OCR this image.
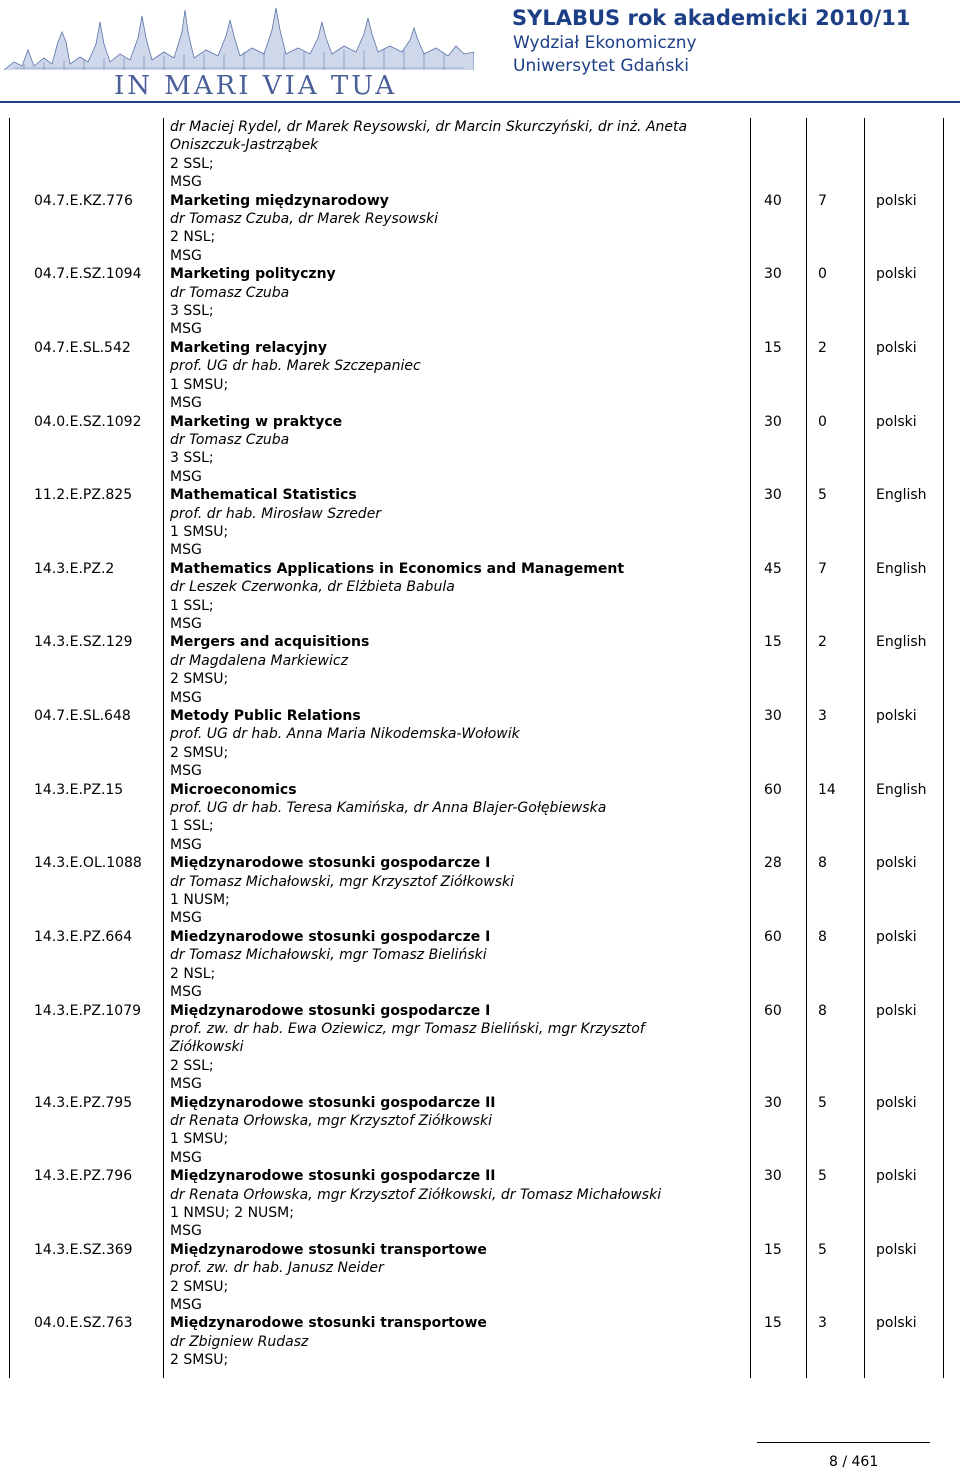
IN MARI VIA TUA
SYLABUS rok akademicki 2010/11
Wydział Ekonomiczny
Uniwersytet Gdański
dr Maciej Rydel, dr Marek Reysowski, dr Marcin Skurczyński, dr inż. Aneta
Oniszczuk-Jastrząbek
2 SSL;
MSG
04.7.E.KZ.776	Marketing międzynarodowy
dr Tomasz Czuba, dr Marek Reysowski
2 NSL;
MSG
40	7	polski
04.7.E.SZ.1094 Marketing polityczny
dr Tomasz Czuba
3 SSL;
MSG
30	0	polski
04.7.E.SL.542	Marketing relacyjny
prof. UG dr hab. Marek Szczepaniec
1 SMSU;
MSG
15	2	polski
04.0.E.SZ.1092 Marketing w praktyce
dr Tomasz Czuba
3 SSL;
MSG
30	0	polski
11.2.E.PZ.825	Mathematical Statistics
prof. dr hab. Mirosław Szreder
1 SMSU;
MSG
30	5	English
14.3.E.PZ.2	Mathematics Applications in Economics and Management
dr Leszek Czerwonka, dr Elżbieta Babula
1 SSL;
MSG
45	7	English
14.3.E.SZ.129	Mergers and acquisitions
dr Magdalena Markiewicz
2 SMSU;
MSG
15	2	English
04.7.E.SL.648	Metody Public Relations
prof. UG dr hab. Anna Maria Nikodemska-Wołowik
2 SMSU;
MSG
30	3	polski
14.3.E.PZ.15	Microeconomics
prof. UG dr hab. Teresa Kamińska, dr Anna Blajer-Gołębiewska
1 SSL;
MSG
60	14	English
14.3.E.OL.1088 Międzynarodowe stosunki gospodarcze I
dr Tomasz Michałowski, mgr Krzysztof Ziółkowski
1 NUSM;
MSG
28	8	polski
14.3.E.PZ.664	Miedzynarodowe stosunki gospodarcze I
dr Tomasz Michałowski, mgr Tomasz Bieliński
2 NSL;
MSG
60	8	polski
14.3.E.PZ.1079 Międzynarodowe stosunki gospodarcze I
prof. zw. dr hab. Ewa Oziewicz, mgr Tomasz Bieliński, mgr Krzysztof
Ziółkowski
2 SSL;
MSG
60	8	polski
14.3.E.PZ.795	Międzynarodowe stosunki gospodarcze II
dr Renata Orłowska, mgr Krzysztof Ziółkowski
1 SMSU;
MSG
30	5	polski
14.3.E.PZ.796	Międzynarodowe stosunki gospodarcze II
dr Renata Orłowska, mgr Krzysztof Ziółkowski, dr Tomasz Michałowski
1 NMSU; 2 NUSM;
MSG
30	5	polski
14.3.E.SZ.369	Międzynarodowe stosunki transportowe
prof. zw. dr hab. Janusz Neider
2 SMSU;
MSG
15	5	polski
04.0.E.SZ.763	Międzynarodowe stosunki transportowe
dr Zbigniew Rudasz
2 SMSU;
15	3	polski
8 / 461
